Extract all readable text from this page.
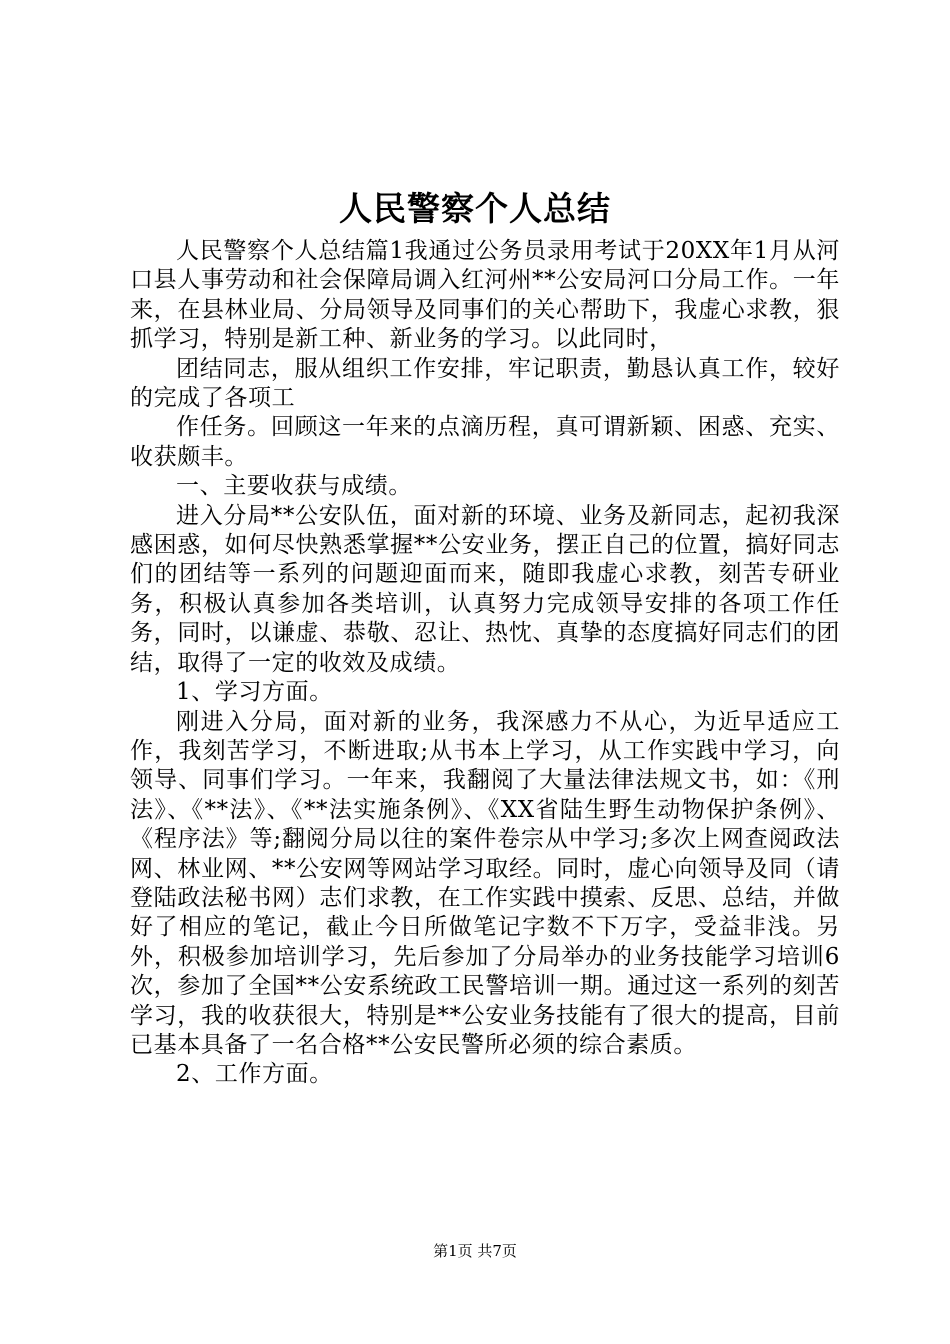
人民警察个人总结

人民警察个人总结篇1我通过公务员录用考试于20XX年1月从河口县人事劳动和社会保障局调入红河州**公安局河口分局工作。一年来，在县林业局、分局领导及同事们的关心帮助下，我虚心求教，狠抓学习，特别是新工种、新业务的学习。以此同时，

团结同志，服从组织工作安排，牢记职责，勤恳认真工作，较好的完成了各项工

作任务。回顾这一年来的点滴历程，真可谓新颖、困惑、充实、收获颇丰。

一、主要收获与成绩。

进入分局**公安队伍，面对新的环境、业务及新同志，起初我深感困惑，如何尽快熟悉掌握**公安业务，摆正自己的位置，搞好同志们的团结等一系列的问题迎面而来，随即我虚心求教，刻苦专研业务，积极认真参加各类培训，认真努力完成领导安排的各项工作任务，同时，以谦虚、恭敬、忍让、热忱、真挚的态度搞好同志们的团结，取得了一定的收效及成绩。

1、学习方面。

刚进入分局，面对新的业务，我深感力不从心，为近早适应工作，我刻苦学习，不断进取;从书本上学习，从工作实践中学习，向领导、同事们学习。一年来，我翻阅了大量法律法规文书，如：《刑法》、《**法》、《**法实施条例》、《XX省陆生野生动物保护条例》、《程序法》等;翻阅分局以往的案件卷宗从中学习;多次上网查阅政法网、林业网、**公安网等网站学习取经。同时，虚心向领导及同（请登陆政法秘书网）志们求教，在工作实践中摸索、反思、总结，并做好了相应的笔记，截止今日所做笔记字数不下万字，受益非浅。另外，积极参加培训学习，先后参加了分局举办的业务技能学习培训6次，参加了全国**公安系统政工民警培训一期。通过这一系列的刻苦学习，我的收获很大，特别是**公安业务技能有了很大的提高，目前已基本具备了一名合格**公安民警所必须的综合素质。

2、工作方面。

第1页 共7页
